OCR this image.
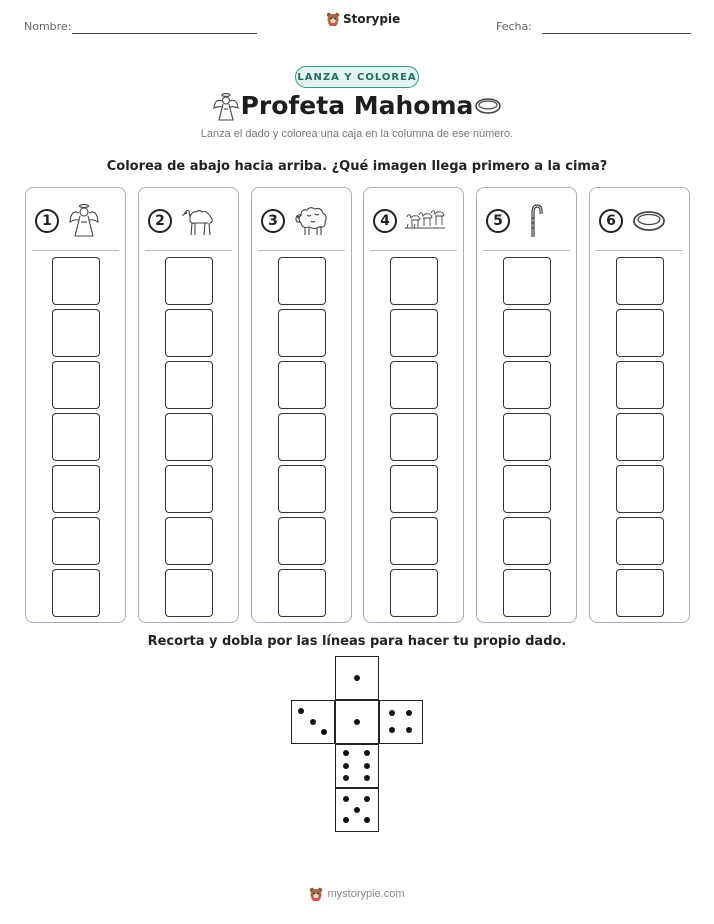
Nombre:
Storypie
Fecha:
LANZA Y COLOREA
Profeta Mahoma
Lanza el dado y colorea una caja en la columna de ese número.
Colorea de abajo hacia arriba. ¿Qué imagen llega primero a la cima?
1	2	3	4	5	6
Recorta y dobla por las líneas para hacer tu propio dado.
mystorypie.com
